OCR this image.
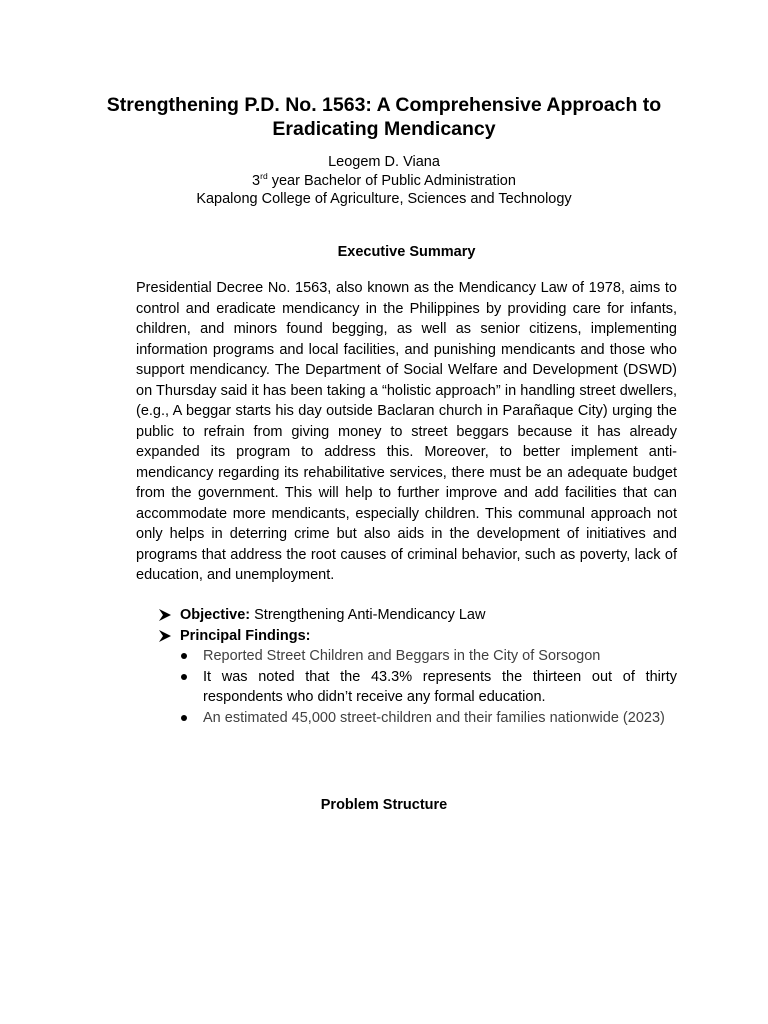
Strengthening P.D. No. 1563: A Comprehensive Approach to
Eradicating Mendicancy
Leogem D. Viana
3rd year Bachelor of Public Administration
Kapalong College of Agriculture, Sciences and Technology
Executive Summary

Presidential Decree No. 1563, also known as the Mendicancy Law of 1978, aims to control and eradicate mendicancy in the Philippines by providing care for infants, children, and minors found begging, as well as senior citizens, implementing information programs and local facilities, and punishing mendicants and those who support mendicancy. The Department of Social Welfare and Development (DSWD) on Thursday said it has been taking a “holistic approach” in handling street dwellers, (e.g., A beggar starts his day outside Baclaran church in Parañaque City) urging the public to refrain from giving money to street beggars because it has already expanded its program to address this. Moreover, to better implement anti-mendicancy regarding its rehabilitative services, there must be an adequate budget from the government. This will help to further improve and add facilities that can accommodate more mendicants, especially children. This communal approach not only helps in deterring crime but also aids in the development of initiatives and programs that address the root causes of criminal behavior, such as poverty, lack of education, and unemployment.

Objective: Strengthening Anti-Mendicancy Law
Principal Findings:
Reported Street Children and Beggars in the City of Sorsogon
It was noted that the 43.3% represents the thirteen out of thirty respondents who didn’t receive any formal education.
An estimated 45,000 street-children and their families nationwide (2023)
Problem Structure
